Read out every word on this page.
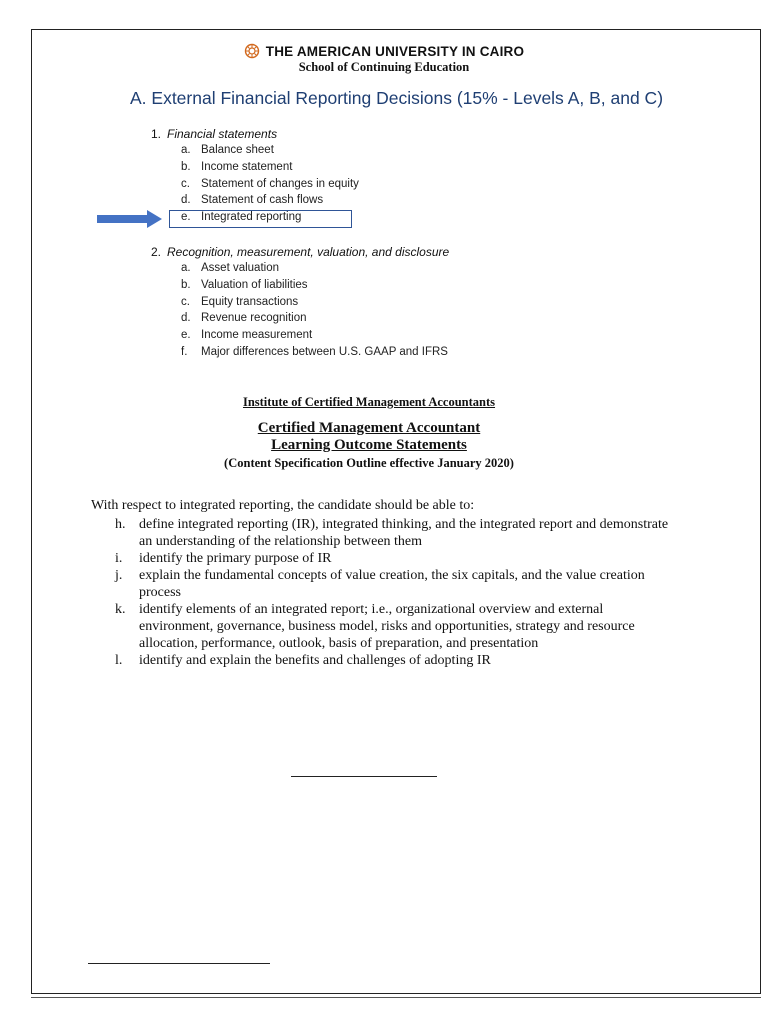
THE AMERICAN UNIVERSITY IN CAIRO
School of Continuing Education
A. External Financial Reporting Decisions (15% - Levels A, B, and C)
1. Financial statements
a. Balance sheet
b. Income statement
c. Statement of changes in equity
d. Statement of cash flows
e. Integrated reporting
2. Recognition, measurement, valuation, and disclosure
a. Asset valuation
b. Valuation of liabilities
c. Equity transactions
d. Revenue recognition
e. Income measurement
f. Major differences between U.S. GAAP and IFRS
Institute of Certified Management Accountants
Certified Management Accountant
Learning Outcome Statements
(Content Specification Outline effective January 2020)
With respect to integrated reporting, the candidate should be able to:
h. define integrated reporting (IR), integrated thinking, and the integrated report and demonstrate an understanding of the relationship between them
i.	identify the primary purpose of IR
j.	explain the fundamental concepts of value creation, the six capitals, and the value creation process
k. identify elements of an integrated report; i.e., organizational overview and external environment, governance, business model, risks and opportunities, strategy and resource allocation, performance, outlook, basis of preparation, and presentation
l.	identify and explain the benefits and challenges of adopting IR
